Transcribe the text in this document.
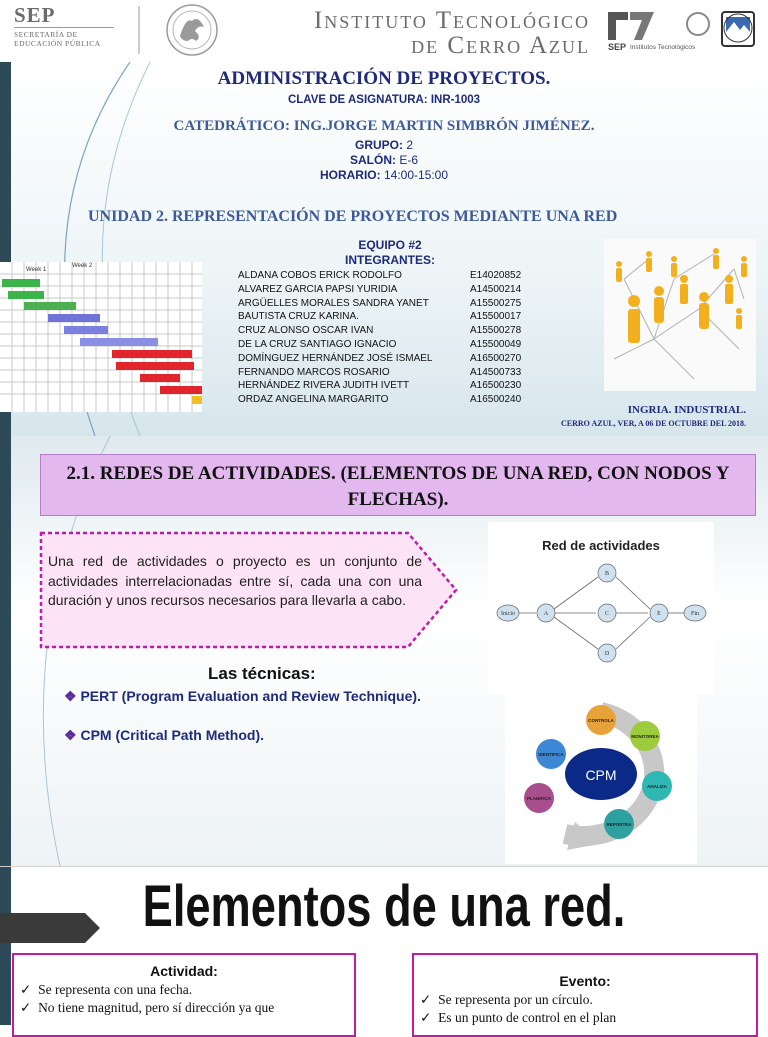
SEP
SECRETARÍA DE
EDUCACIÓN PÚBLICA
Instituto Tecnológico
de Cerro Azul SEP Institutos Tecnológicos
ADMINISTRACIÓN DE PROYECTOS.
CLAVE DE ASIGNATURA: INR-1003
CATEDRÁTICO: ING.JORGE MARTIN SIMBRÓN JIMÉNEZ.
GRUPO: 2
SALÓN: E-6
HORARIO: 14:00-15:00
UNIDAD 2. REPRESENTACIÓN DE PROYECTOS MEDIANTE UNA RED
EQUIPO #2
INTEGRANTES:
ALDANA COBOS ERICK RODOLFO	E14020852
ALVAREZ GARCIA PAPSI YURIDIA	A14500214
ARGÜELLES MORALES SANDRA YANET	A15500275
BAUTISTA CRUZ KARINA.	A15500017
CRUZ ALONSO OSCAR IVAN	A15500278
DE LA CRUZ SANTIAGO IGNACIO	A15500049
DOMÍNGUEZ HERNÁNDEZ JOSÉ ISMAEL	A16500270
FERNANDO MARCOS ROSARIO	A14500733
HERNÁNDEZ RIVERA JUDITH IVETT	A16500230
ORDAZ ANGELINA MARGARITO	A16500240
Week 1
Week 2
INGRIA. INDUSTRIAL.
CERRO AZUL, VER, A 06 DE OCTUBRE DEL 2018.
2.1. REDES DE ACTIVIDADES. (ELEMENTOS DE UNA RED, CON NODOS Y FLECHAS).
Una red de actividades o proyecto es un conjunto de actividades interrelacionadas entre sí, cada una con una duración y unos recursos necesarios para llevarla a cabo.
Las técnicas:
❖ PERT (Program Evaluation and Review Technique).
❖ CPM (Critical Path Method).
Red de actividades
Inicio	A
B
C
D
E	Fin
CPM
CONTROLA
MONITOREA
ANALIZA
REPORTEA
PLANIFICA
IDENTIFICA
Elementos de una red.
Actividad:
✓  Se representa con una fecha.
✓  No tiene magnitud, pero sí dirección ya que
Evento:
✓  Se representa por un círculo.
✓  Es un punto de control en el plan
